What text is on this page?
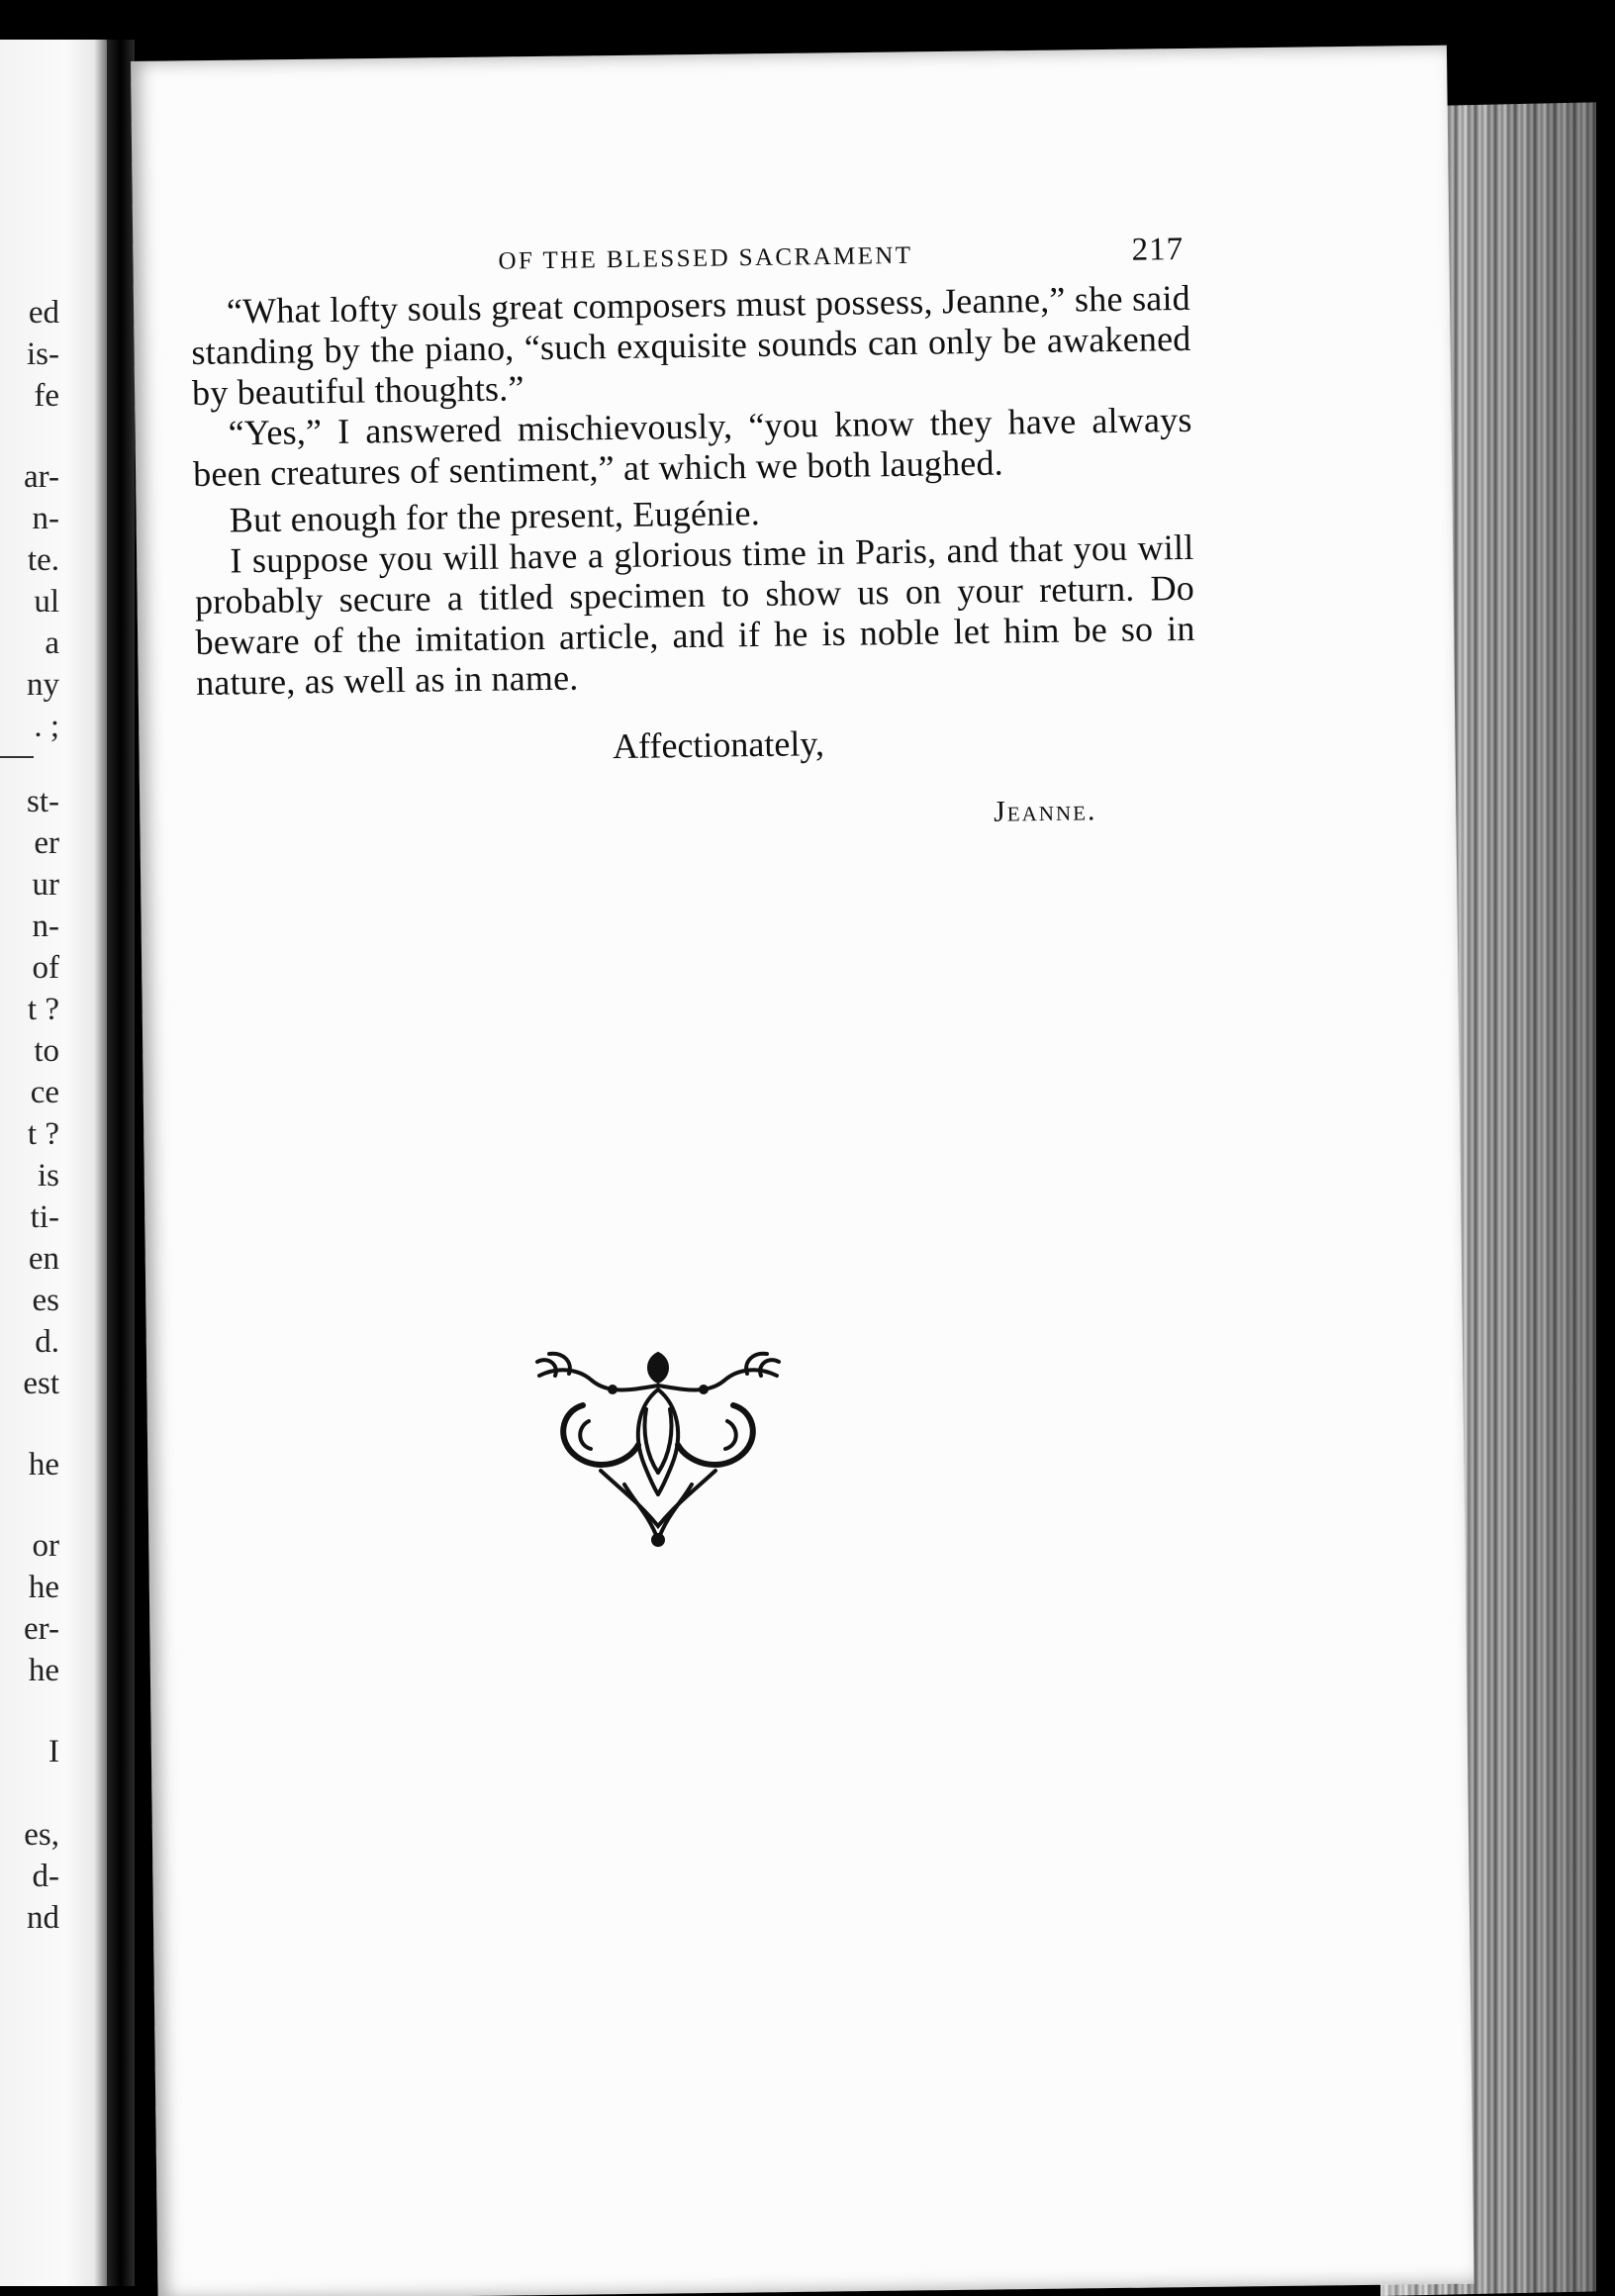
ed
is-
fe
ar-
n-
te.
ul
a
ny
. ;
st-
er
ur
n-
of
t ?
to
ce
t ?
is
ti-
en
es
d.
est
he
or
he
er-
he
I
es,
d-
nd
OF THE BLESSED SACRAMENT	217

“What lofty souls great composers must possess, Jeanne,” she said standing by the piano, “such exquisite sounds can only be awakened by beautiful thoughts.”

“Yes,” I answered mischievously, “you know they have always been creatures of sentiment,” at which we both laughed.

But enough for the present, Eugénie.

I suppose you will have a glorious time in Paris, and that you will probably secure a titled specimen to show us on your return. Do beware of the imitation article, and if he is noble let him be so in nature, as well as in name.

Affectionately,
Jeanne.
